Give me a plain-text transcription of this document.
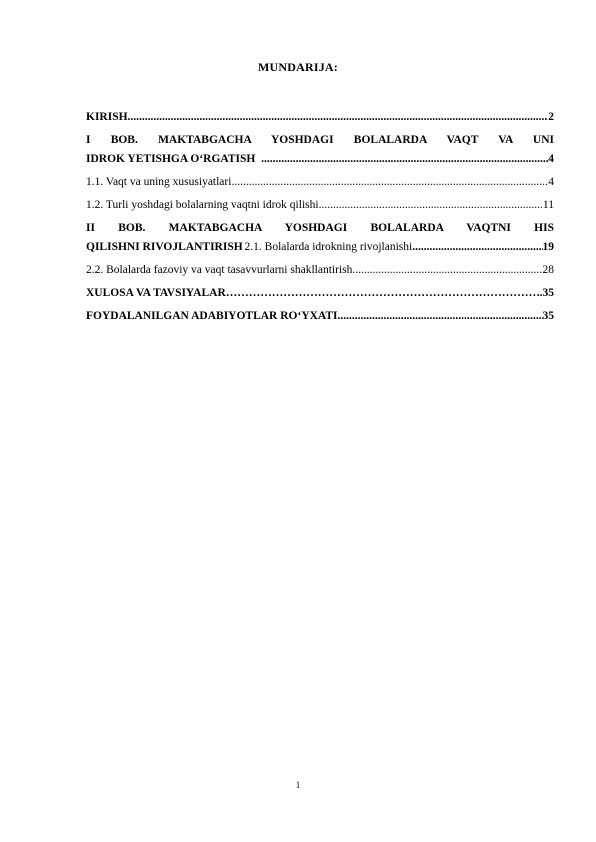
MUNDARIJA:
KIRISH .....	2

I BOB. MAKTABGACHA YOSHDAGI BOLALARDA VAQT VA UNI

IDROK YETISHGA O‘RGATISH .....	4
1.1. Vaqt va uning xususiyatlari .....	4
1.2. Turli yoshdagi bolalarning vaqtni idrok qilishi .....	11

II BOB. MAKTABGACHA YOSHDAGI BOLALARDA VAQTNI HIS

QILISHNI RIVOJLANTIRISH 2.1. Bolalarda idrokning rivojlanishi .....	19
2.2. Bolalarda fazoviy va vaqt tasavvurlarni shakllantirish .....	28
XULOSA VA TAVSIYALAR ………………………………………………………………………………………………………………………………	.35
FOYDALANILGAN ADABIYOTLAR RO‘YXATI .....	35
1
